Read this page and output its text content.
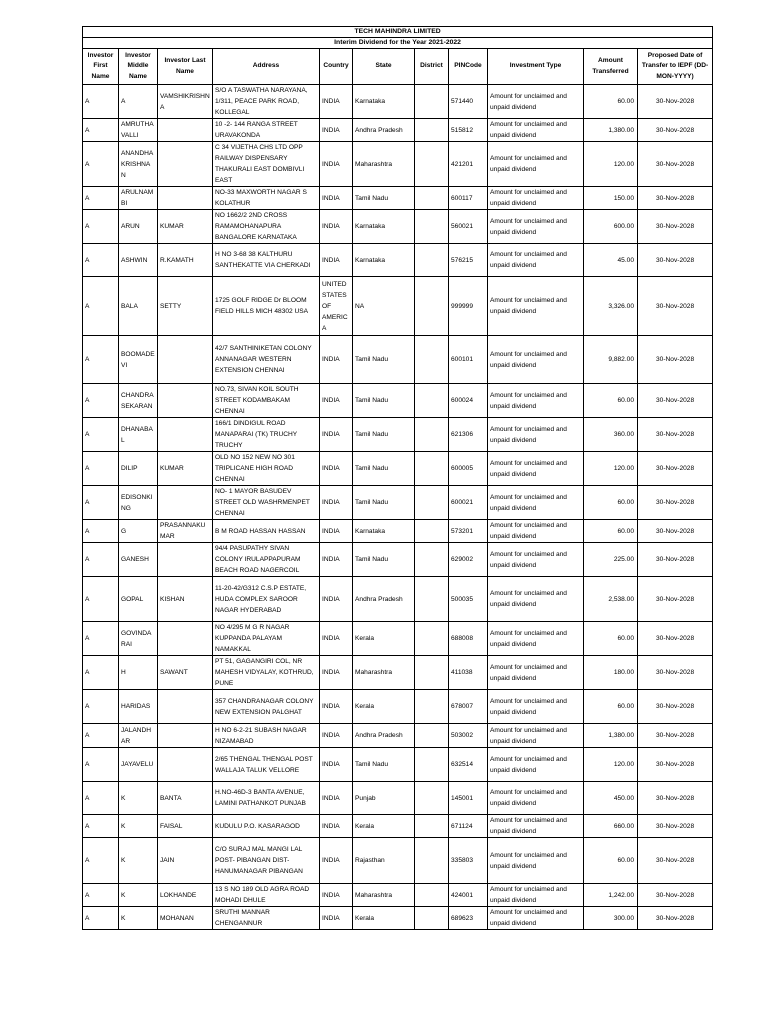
TECH MAHINDRA LIMITED										
Interim Dividend for the Year 2021-2022										
Investor First Name	Investor Middle Name	Investor Last Name	Address	Country	State	District	PINCode	Investment Type	Amount Transferred	Proposed Date of Transfer to IEPF (DD-MON-YYYY)
A	A	VAMSHIKRISHNA	S/O A TASWATHA NARAYANA, 1/311, PEACE PARK ROAD, KOLLEGAL	INDIA	Karnataka		571440	Amount for unclaimed and unpaid dividend	60.00	30-Nov-2028
A	AMRUTHA VALLI		10 -2- 144 RANGA STREET URAVAKONDA	INDIA	Andhra Pradesh		515812	Amount for unclaimed and unpaid dividend	1,380.00	30-Nov-2028
A	ANANDHA KRISHNAN		C 34 VIJETHA CHS LTD OPP RAILWAY DISPENSARY THAKURALI EAST DOMBIVLI EAST	INDIA	Maharashtra		421201	Amount for unclaimed and unpaid dividend	120.00	30-Nov-2028
A	ARULNAMBI		NO-33 MAXWORTH NAGAR S KOLATHUR	INDIA	Tamil Nadu		600117	Amount for unclaimed and unpaid dividend	150.00	30-Nov-2028
A	ARUN	KUMAR	NO 1662/2 2ND CROSS RAMAMOHANAPURA BANGALORE KARNATAKA	INDIA	Karnataka		560021	Amount for unclaimed and unpaid dividend	600.00	30-Nov-2028
A	ASHWIN	R.KAMATH	H NO 3-68 38 KALTHURU SANTHEKATTE VIA CHERKADI	INDIA	Karnataka		576215	Amount for unclaimed and unpaid dividend	45.00	30-Nov-2028
A	BALA	SETTY	1725 GOLF RIDGE Dr BLOOM FIELD HILLS MICH 48302 USA	UNITED STATES OF AMERICA	NA		999999	Amount for unclaimed and unpaid dividend	3,326.00	30-Nov-2028
A	BOOMADEVI		42/7 SANTHINIKETAN COLONY ANNANAGAR WESTERN EXTENSION CHENNAI	INDIA	Tamil Nadu		600101	Amount for unclaimed and unpaid dividend	9,882.00	30-Nov-2028
A	CHANDRA SEKARAN		NO.73, SIVAN KOIL SOUTH STREET KODAMBAKAM CHENNAI	INDIA	Tamil Nadu		600024	Amount for unclaimed and unpaid dividend	60.00	30-Nov-2028
A	DHANABAL		166/1 DINDIGUL ROAD MANAPARAI (TK) TRUCHY TRUCHY	INDIA	Tamil Nadu		621306	Amount for unclaimed and unpaid dividend	360.00	30-Nov-2028
A	DILIP	KUMAR	OLD NO 152 NEW NO 301 TRIPLICANE HIGH ROAD CHENNAI	INDIA	Tamil Nadu		600005	Amount for unclaimed and unpaid dividend	120.00	30-Nov-2028
A	EDISONKING		NO- 1 MAYOR BASUDEV STREET OLD WASHRMENPET CHENNAI	INDIA	Tamil Nadu		600021	Amount for unclaimed and unpaid dividend	60.00	30-Nov-2028
A	G	PRASANNAKUMAR	B M ROAD HASSAN HASSAN	INDIA	Karnataka		573201	Amount for unclaimed and unpaid dividend	60.00	30-Nov-2028
A	GANESH		94/4 PASUPATHY SIVAN COLONY IRULAPPAPURAM BEACH ROAD NAGERCOIL	INDIA	Tamil Nadu		629002	Amount for unclaimed and unpaid dividend	225.00	30-Nov-2028
A	GOPAL	KISHAN	11-20-42/G312 C.S.P ESTATE, HUDA COMPLEX SAROOR NAGAR HYDERABAD	INDIA	Andhra Pradesh		500035	Amount for unclaimed and unpaid dividend	2,538.00	30-Nov-2028
A	GOVINDA RAI		NO 4/295 M G R NAGAR KUPPANDA PALAYAM NAMAKKAL	INDIA	Kerala		688008	Amount for unclaimed and unpaid dividend	60.00	30-Nov-2028
A	H	SAWANT	PT 51, GAGANGIRI COL, NR MAHESH VIDYALAY, KOTHRUD, PUNE	INDIA	Maharashtra		411038	Amount for unclaimed and unpaid dividend	180.00	30-Nov-2028
A	HARIDAS		357 CHANDRANAGAR COLONY NEW EXTENSION PALGHAT	INDIA	Kerala		678007	Amount for unclaimed and unpaid dividend	60.00	30-Nov-2028
A	JALANDHAR		H NO 6-2-21 SUBASH NAGAR NIZAMABAD	INDIA	Andhra Pradesh		503002	Amount for unclaimed and unpaid dividend	1,380.00	30-Nov-2028
A	JAYAVELU		2/65 THENGAL THENGAL POST WALLAJA TALUK VELLORE	INDIA	Tamil Nadu		632514	Amount for unclaimed and unpaid dividend	120.00	30-Nov-2028
A	K	BANTA	H.NO-46D-3 BANTA AVENUE, LAMINI PATHANKOT PUNJAB	INDIA	Punjab		145001	Amount for unclaimed and unpaid dividend	450.00	30-Nov-2028
A	K	FAISAL	KUDULU P.O. KASARAGOD	INDIA	Kerala		671124	Amount for unclaimed and unpaid dividend	660.00	30-Nov-2028
A	K	JAIN	C/O SURAJ MAL MANGI LAL POST- PIBANGAN DIST- HANUMANAGAR PIBANGAN	INDIA	Rajasthan		335803	Amount for unclaimed and unpaid dividend	60.00	30-Nov-2028
A	K	LOKHANDE	13 S NO 189 OLD AGRA ROAD MOHADI DHULE	INDIA	Maharashtra		424001	Amount for unclaimed and unpaid dividend	1,242.00	30-Nov-2028
A	K	MOHANAN	SRUTHI MANNAR CHENGANNUR	INDIA	Kerala		689623	Amount for unclaimed and unpaid dividend	300.00	30-Nov-2028
